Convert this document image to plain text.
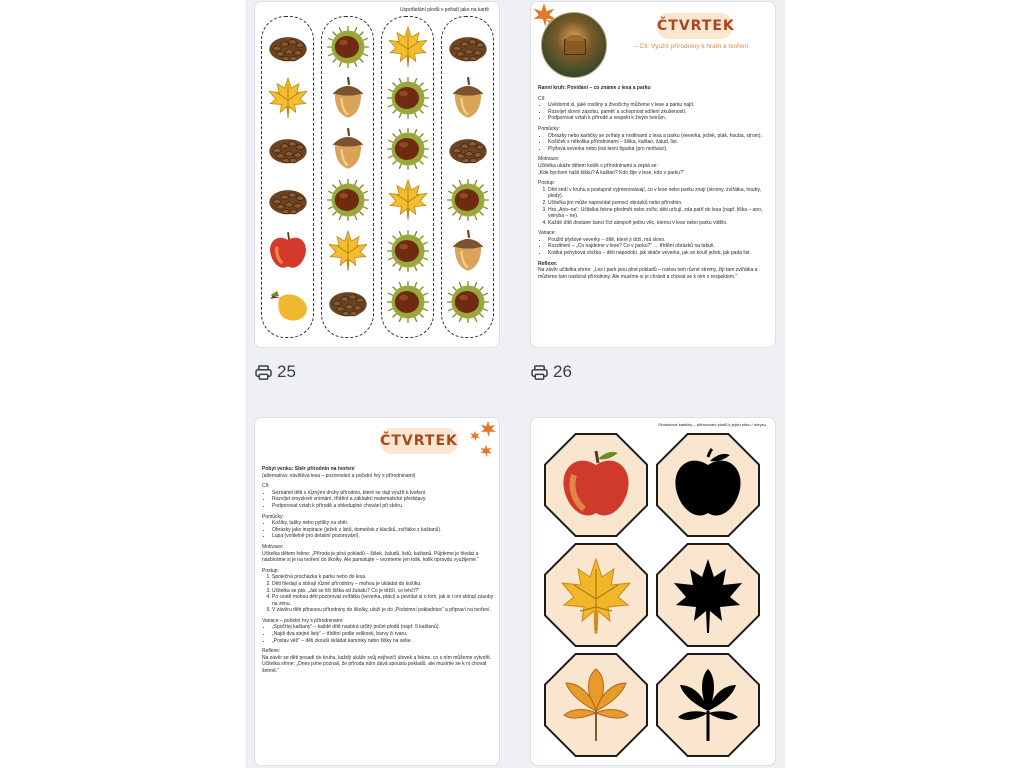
Uspořádání plodů v pořadí jako na kartě
25
ČTVRTEK
– Cíl: Využít přírodniny k hrám a tvoření.
Ranní kruh: Povídání – co známe z lesa a parku
Cíl:
• Uvědomit si, jaké rostliny a živočichy můžeme v lese a parku najít.
• Rozvíjet slovní zásobu, paměť a schopnost sdílení zkušeností.
• Podporovat vztah k přírodě a respekt k živým tvorům.
Pomůcky:
• Obrázky nebo kartičky se zvířaty a rostlinami z lesa a parku (veverka, ježek, pták, houba, strom).
• Košíček s několika přírodninami – šiška, kaštan, žalud, list.
• Plyšová veverka nebo jiná lesní figurka (pro motivaci).
Motivace:
Učitelka ukáže dětem košík s přírodninami a zeptá se:
„Kde bychom našli šišku? A kaštan? Kdo žije v lese, kdo v parku?“
Postup:
1. Děti sedí v kruhu a postupně vyjmenovávají, co v lese nebo parku znají (stromy, zvířátka, houby, plody).
2. Učitelka jim může napovídat pomocí obrázků nebo přírodnin.
3. Hra „Ano–ne“: Učitelka řekne předmět nebo zvíře, děti určují, zda patří do lesa (např. liška – ano, velryba – ne).
4. Každé dítě dostane šanci říct alespoň jednu věc, kterou v lese nebo parku vidělo.
Variace:
• Použití plyšové veverky – dítě, které ji drží, má slovo.
• Rozdělení – „Co najdeme v lese? Co v parku?“ → třídění obrázků na tabuli.
• Krátká pohybová vložka – děti napodobí, jak skáče veverka, jak se koulí ježek, jak padá list.
Reflexe:
Na závěr učitelka shrne: „Les i park jsou plné pokladů – rostou tam různé stromy, žijí tam zvířátka a můžeme tam nasbírat přírodniny. Ale musíme si je chránit a chovat se k nim s respektem.“
26
ČTVRTEK
Pobyt venku: Sběr přírodnin na tvoření
(alternativa: návštěva lesa – pozorování a početní hry s přírodninami)
Cíl:
• Seznámit děti s různými druhy přírodnin, které se dají využít k tvoření.
• Rozvíjet smyslové vnímání, třídění a základní matematické představy.
• Podporovat vztah k přírodě a ohleduplné chování při sběru.
Pomůcky:
• Košíky, tašky nebo pytlíky na sběr.
• Obrázky jako inspirace (ježek z listů, domeček z klacíků, zvířátko z kaštanů).
• Lupa (volitelně pro detailní pozorování).
Motivace:
Učitelka dětem řekne: „Příroda je plná pokladů – šišek, žaludů, listů, kaštanů. Půjdeme je hledat a nasbíráme si je na tvoření do školky. Ale pamatujte – vezmeme jen tolik, kolik opravdu využijeme.“
Postup:
1. Společná procházka k parku nebo do lesa.
2. Děti hledají a sbírají různé přírodniny – mohou je ukládat do košíku.
3. Učitelka se ptá: „Jak se liší šiška od žaludu? Co je těžší, co lehčí?“
4. Po cestě mohou děti pozorovat zvířátka (veverka, ptáci) a povídat si o tom, jak si i oni sbírají zásoby na zimu.
5. V závěru děti přinesou přírodniny do školky, uloží je do „Podzimní pokladnice“ a připraví na tvoření.
Variace – početní hry s přírodninami:
• „Spočítej kaštany“ – každé dítě nasbírá určitý počet plodů (např. 5 kaštanů).
• „Najdi dva stejné listy“ – třídění podle velikosti, barvy či tvaru.
• „Postav věž“ – děti zkouší skládat kamínky nebo šišky na sebe.
Reflexe:
Na závěr se děti posadí do kruhu, každý ukáže svůj nejhezčí úlovek a řekne, co s ním můžeme vytvořit. Učitelka shrne: „Dnes jsme poznali, že příroda nám dává spoustu pokladů, ale musíme se k ní chovat šetrně.“
Obrázkové kartičky – přiřazování plodů k jejich stínu / obrysu.
